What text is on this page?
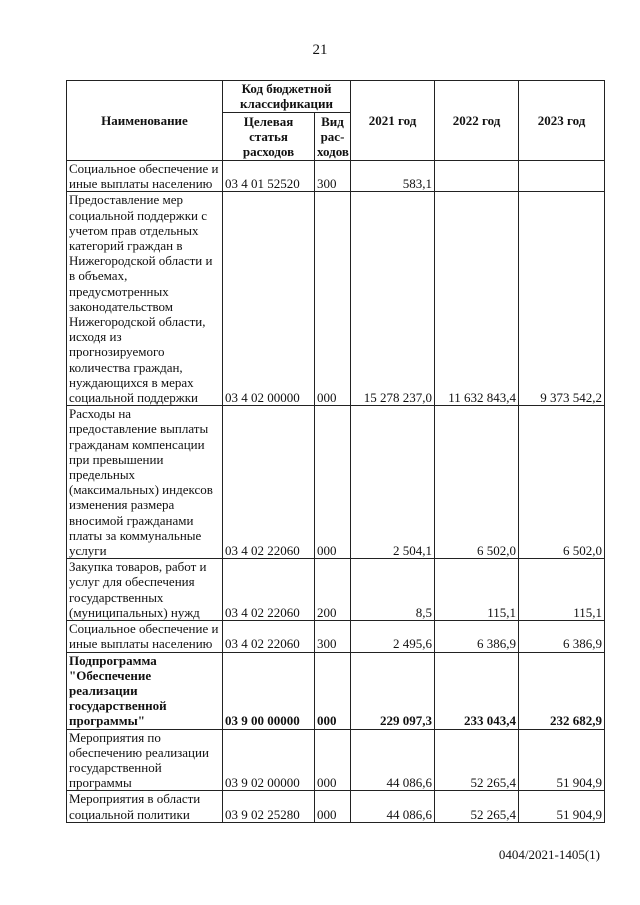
21
Наименование	Код бюджетной классификации		2021 год	2022 год	2023 год
	Целевая статья расходов	Вид рас-ходов			
Социальное обеспечение и иные выплаты населению	03 4 01 52520	300	583,1		
Предоставление мер социальной поддержки с учетом прав отдельных категорий граждан в Нижегородской области и в объемах, предусмотренных законодательством Нижегородской области, исходя из прогнозируемого количества граждан, нуждающихся в мерах социальной поддержки	03 4 02 00000	000	15 278 237,0	11 632 843,4	9 373 542,2
Расходы на предоставление выплаты гражданам компенсации при превышении предельных (максимальных) индексов изменения размера вносимой гражданами платы за коммунальные услуги	03 4 02 22060	000	2 504,1	6 502,0	6 502,0
Закупка товаров, работ и услуг для обеспечения государственных (муниципальных) нужд	03 4 02 22060	200	8,5	115,1	115,1
Социальное обеспечение и иные выплаты населению	03 4 02 22060	300	2 495,6	6 386,9	6 386,9
Подпрограмма "Обеспечение реализации государственной программы"	03 9 00 00000	000	229 097,3	233 043,4	232 682,9
Мероприятия по обеспечению реализации государственной программы	03 9 02 00000	000	44 086,6	52 265,4	51 904,9
Мероприятия в области социальной политики	03 9 02 25280	000	44 086,6	52 265,4	51 904,9
0404/2021-1405(1)
